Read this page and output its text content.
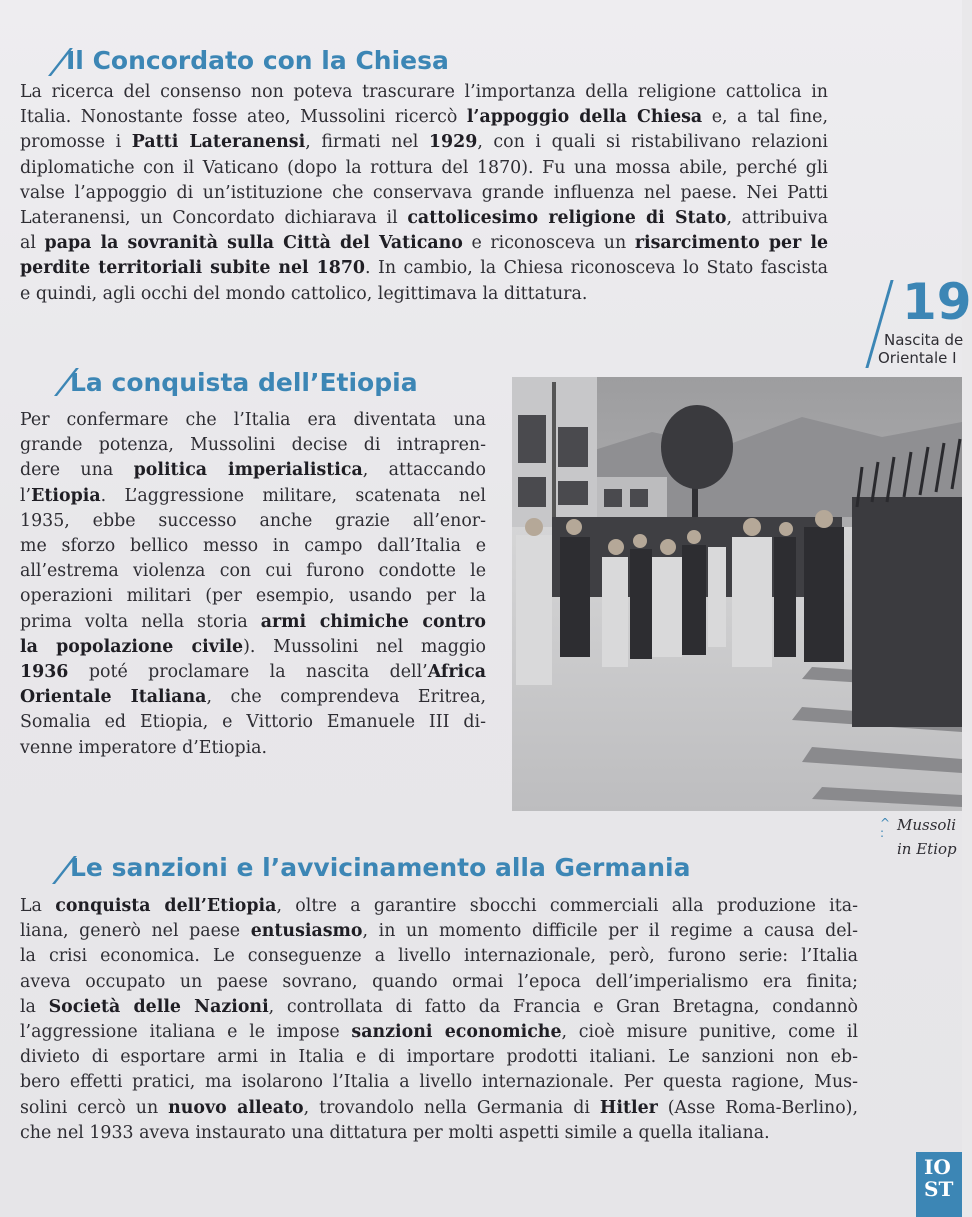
Il Concordato con la Chiesa
La ricerca del consenso non poteva trascurare l’importanza della religione cattolica in
Italia. Nonostante fosse ateo, Mussolini ricercò l’appoggio della Chiesa e, a tal fine,
promosse i Patti Lateranensi, firmati nel 1929, con i quali si ristabilivano relazioni
diplomatiche con il Vaticano (dopo la rottura del 1870). Fu una mossa abile, perché gli
valse l’appoggio di un’istituzione che conservava grande influenza nel paese. Nei Patti
Lateranensi, un Concordato dichiarava il cattolicesimo religione di Stato, attribuiva
al papa la sovranità sulla Città del Vaticano e riconosceva un risarcimento per le
perdite territoriali subite nel 1870. In cambio, la Chiesa riconosceva lo Stato fascista
e quindi, agli occhi del mondo cattolico, legittimava la dittatura.
La conquista dell’Etiopia
Per confermare che l’Italia era diventata una
grande potenza, Mussolini decise di intrapren-
dere una politica imperialistica, attaccando
l’Etiopia. L’aggressione militare, scatenata nel
1935, ebbe successo anche grazie all’enor-
me sforzo bellico messo in campo dall’Italia e
all’estrema violenza con cui furono condotte le
operazioni militari (per esempio, usando per la
prima volta nella storia armi chimiche contro
la popolazione civile). Mussolini nel maggio
1936 poté proclamare la nascita dell’Africa
Orientale Italiana, che comprendeva Eritrea,
Somalia ed Etiopia, e Vittorio Emanuele III di-
venne imperatore d’Etiopia.
^
: Mussoli
in Etiop
19
Nascita de
Orientale I
Le sanzioni e l’avvicinamento alla Germania
La conquista dell’Etiopia, oltre a garantire sbocchi commerciali alla produzione ita-
liana, generò nel paese entusiasmo, in un momento difficile per il regime a causa del-
la crisi economica. Le conseguenze a livello internazionale, però, furono serie: l’Italia
aveva occupato un paese sovrano, quando ormai l’epoca dell’imperialismo era finita;
la Società delle Nazioni, controllata di fatto da Francia e Gran Bretagna, condannò
l’aggressione italiana e le impose sanzioni economiche, cioè misure punitive, come il
divieto di esportare armi in Italia e di importare prodotti italiani. Le sanzioni non eb-
bero effetti pratici, ma isolarono l’Italia a livello internazionale. Per questa ragione, Mus-
solini cercò un nuovo alleato, trovandolo nella Germania di Hitler (Asse Roma-Berlino),
che nel 1933 aveva instaurato una dittatura per molti aspetti simile a quella italiana.
IO
ST
